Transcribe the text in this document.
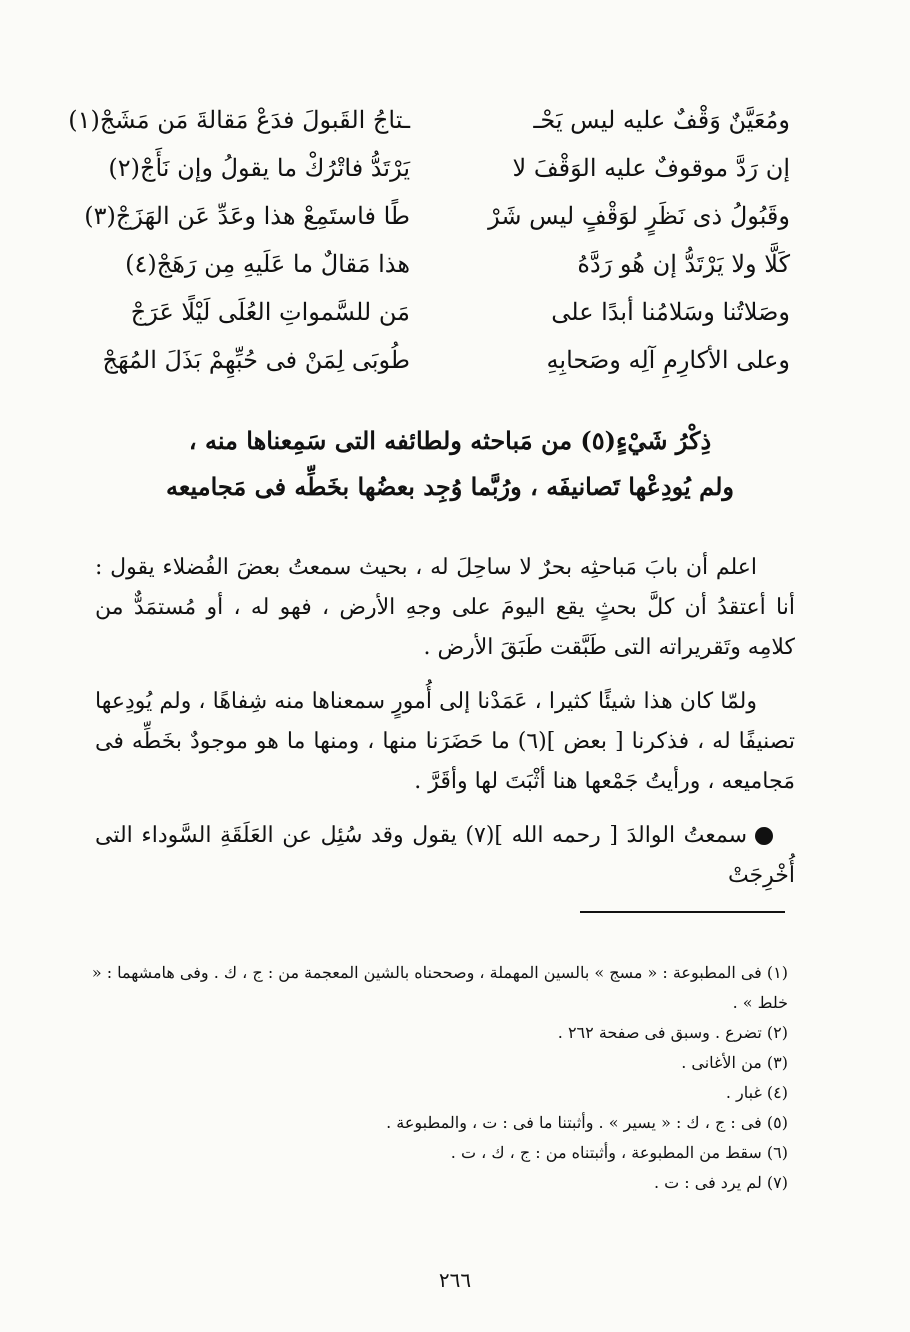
ومُعَيَّنٌ وَقْفٌ عليه ليس يَحْـ
ـتاجُ القَبولَ فدَعْ مَقالةَ مَن مَشَجْ(١)
إن رَدَّ موقوفٌ عليه الوَقْفَ لا
يَرْتَدُّ فاتْرُكْ ما يقولُ وإن نَأَجْ(٢)
وقَبُولُ ذى نَظَرٍ لوَقْفٍ ليس شَرْ
طًا فاستَمِعْ هذا وعَدِّ عَن الهَزَجْ(٣)
كَلَّا ولا يَرْتَدُّ إن هُو رَدَّهُ
هذا مَقالٌ ما عَلَيهِ مِن رَهَجْ(٤)
وصَلاتُنا وسَلامُنا أبدًا على
مَن للسَّمواتِ العُلَى لَيْلًا عَرَجْ
وعلى الأكارِمِ آلِه وصَحابِهِ
طُوبَى لِمَنْ فى حُبِّهِمْ بَذَلَ المُهَجْ
ذِكْرُ شَيْءٍ(٥) من مَباحثه ولطائفه التى سَمِعناها منه ،
ولم يُودِعْها تَصانيفَه ، ورُبَّما وُجِد بعضُها بخَطِّه فى مَجاميعه

اعلم أن بابَ مَباحثِه بحرٌ لا ساحِلَ له ، بحيث سمعتُ بعضَ الفُضلاء يقول : أنا أعتقدُ أن كلَّ بحثٍ يقع اليومَ على وجهِ الأرض ، فهو له ، أو مُستمَدٌّ من كلامِه وتَقريراته التى طَبَّقت طَبَقَ الأرض .

ولمّا كان هذا شيئًا كثيرا ، عَمَدْنا إلى أُمورٍ سمعناها منه شِفاهًا ، ولم يُودِعها تصنيفًا له ، فذكرنا [ بعض ](٦) ما حَضَرَنا منها ، ومنها ما هو موجودٌ بخَطِّه فى مَجاميعه ، ورأيتُ جَمْعها هنا أثْبَتَ لها وأقَرَّ .

سمعتُ الوالدَ [ رحمه الله ](٧) يقول وقد سُئِل عن العَلَقَةِ السَّوداء التى أُخْرِجَتْ

(١) فى المطبوعة : « مسج » بالسين المهملة ، وصححناه بالشين المعجمة من : ج ، ك . وفى هامشهما : « خلط » .
(٢) تضرع . وسبق فى صفحة ٢٦٢ .
(٣) من الأغانى .
(٤) غبار .
(٥) فى : ج ، ك : « يسير » . وأثبتنا ما فى : ت ، والمطبوعة .
(٦) سقط من المطبوعة ، وأثبتناه من : ج ، ك ، ت .
(٧) لم يرد فى : ت .
٢٦٦
